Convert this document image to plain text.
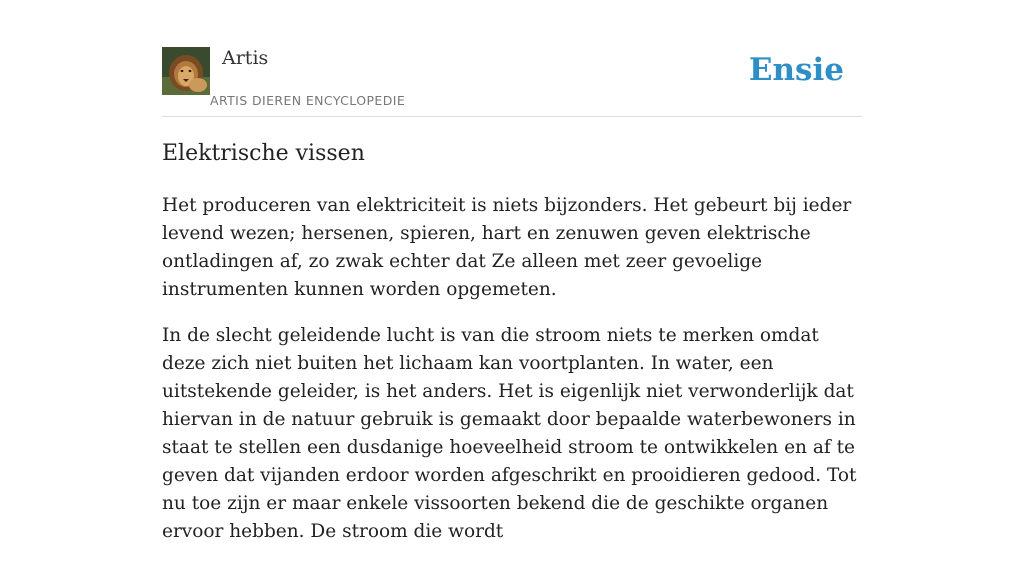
Artis
ARTIS DIEREN ENCYCLOPEDIE
Ensie
Elektrische vissen

Het produceren van elektriciteit is niets bijzonders. Het gebeurt bij ieder levend wezen; hersenen, spieren, hart en zenuwen geven elektrische ontladingen af, zo zwak echter dat Ze alleen met zeer gevoelige instrumenten kunnen worden opgemeten.

In de slecht geleidende lucht is van die stroom niets te merken omdat deze zich niet buiten het lichaam kan voortplanten. In water, een uitstekende geleider, is het anders. Het is eigenlijk niet verwonderlijk dat hiervan in de natuur gebruik is gemaakt door bepaalde waterbewoners in staat te stellen een dusdanige hoeveelheid stroom te ontwikkelen en af te geven dat vijanden erdoor worden afgeschrikt en prooidieren gedood. Tot nu toe zijn er maar enkele vissoorten bekend die de geschikte organen ervoor hebben. De stroom die wordt
